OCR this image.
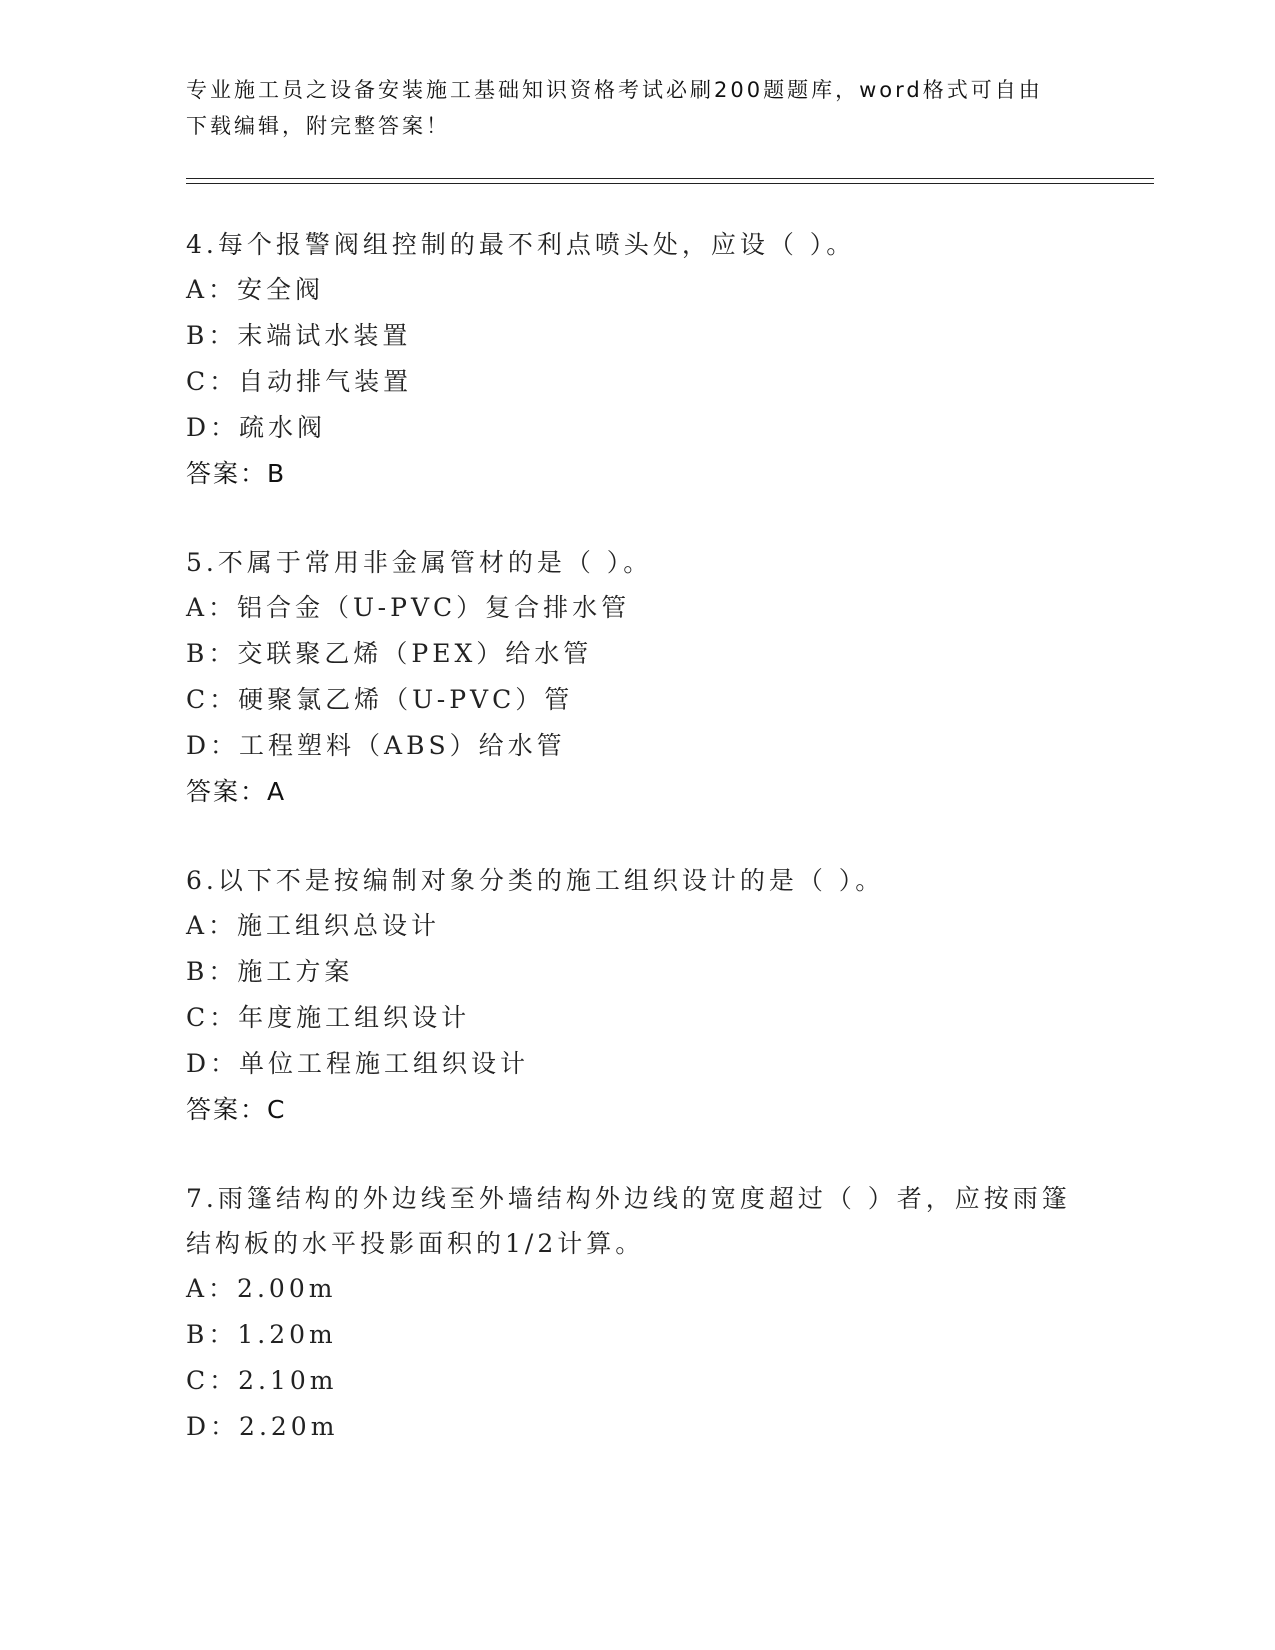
专业施工员之设备安装施工基础知识资格考试必刷200题题库，word格式可自由
下载编辑，附完整答案！
4.每个报警阀组控制的最不利点喷头处，应设（ ）。
A：安全阀
B：末端试水装置
C：自动排气装置
D：疏水阀
答案：B
5.不属于常用非金属管材的是（ ）。
A：铝合金（U-PVC）复合排水管
B：交联聚乙烯（PEX）给水管
C：硬聚氯乙烯（U-PVC）管
D：工程塑料（ABS）给水管
答案：A
6.以下不是按编制对象分类的施工组织设计的是（ ）。
A：施工组织总设计
B：施工方案
C：年度施工组织设计
D：单位工程施工组织设计
答案：C
7.雨篷结构的外边线至外墙结构外边线的宽度超过（ ）者，应按雨篷
结构板的水平投影面积的1/2计算。
A：2.00m
B：1.20m
C：2.10m
D：2.20m
